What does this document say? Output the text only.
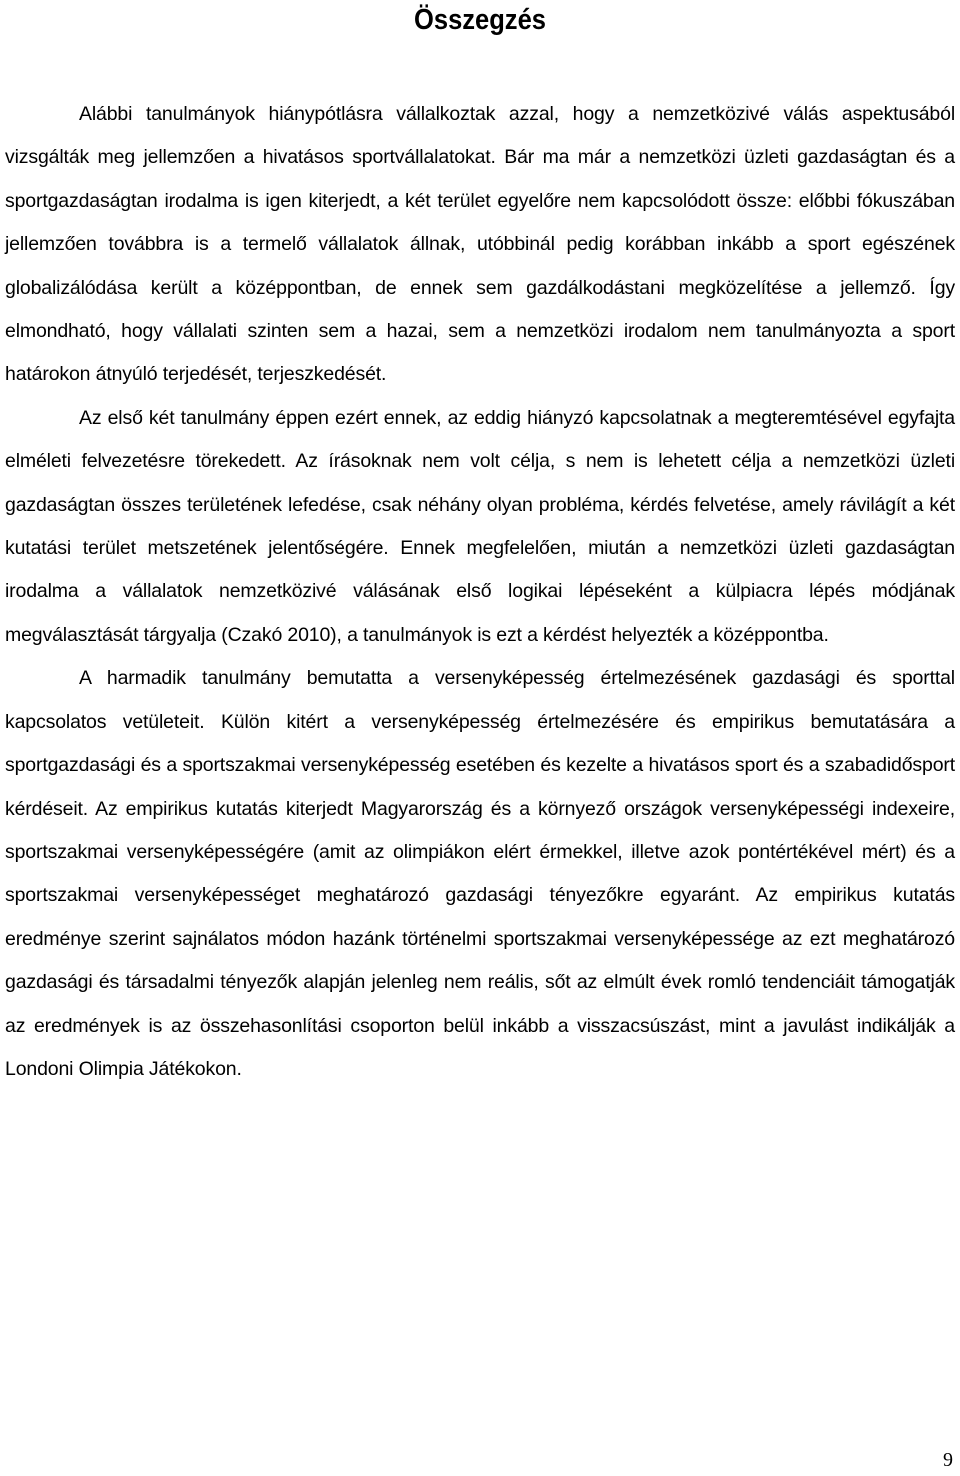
Összegzés

Alábbi tanulmányok hiánypótlásra vállalkoztak azzal, hogy a nemzetközivé válás aspektusából vizsgálták meg jellemzően a hivatásos sportvállalatokat. Bár ma már a nemzetközi üzleti gazdaságtan és a sportgazdaságtan irodalma is igen kiterjedt, a két terület egyelőre nem kapcsolódott össze: előbbi fókuszában jellemzően továbbra is a termelő vállalatok állnak, utóbbinál pedig korábban inkább a sport egészének globalizálódása került a középpontban, de ennek sem gazdálkodástani megközelítése a jellemző. Így elmondható, hogy vállalati szinten sem a hazai, sem a nemzetközi irodalom nem tanulmányozta a sport határokon átnyúló terjedését, terjeszkedését.

Az első két tanulmány éppen ezért ennek, az eddig hiányzó kapcsolatnak a megteremtésével egyfajta elméleti felvezetésre törekedett. Az írásoknak nem volt célja, s nem is lehetett célja a nemzetközi üzleti gazdaságtan összes területének lefedése, csak néhány olyan probléma, kérdés felvetése, amely rávilágít a két kutatási terület metszetének jelentőségére. Ennek megfelelően, miután a nemzetközi üzleti gazdaságtan irodalma a vállalatok nemzetközivé válásának első logikai lépéseként a külpiacra lépés módjának megválasztását tárgyalja (Czakó 2010), a tanulmányok is ezt a kérdést helyezték a középpontba.

A harmadik tanulmány bemutatta a versenyképesség értelmezésének gazdasági és sporttal kapcsolatos vetületeit. Külön kitért a versenyképesség értelmezésére és empirikus bemutatására a sportgazdasági és a sportszakmai versenyképesség esetében és kezelte a hivatásos sport és a szabadidősport kérdéseit. Az empirikus kutatás kiterjedt Magyarország és a környező országok versenyképességi indexeire, sportszakmai versenyképességére (amit az olimpiákon elért érmekkel, illetve azok pontértékével mért) és a sportszakmai versenyképességet meghatározó gazdasági tényezőkre egyaránt. Az empirikus kutatás eredménye szerint sajnálatos módon hazánk történelmi sportszakmai versenyképessége az ezt meghatározó gazdasági és társadalmi tényezők alapján jelenleg nem reális, sőt az elmúlt évek romló tendenciáit támogatják az eredmények is az összehasonlítási csoporton belül inkább a visszacsúszást, mint a javulást indikálják a Londoni Olimpia Játékokon.

9
